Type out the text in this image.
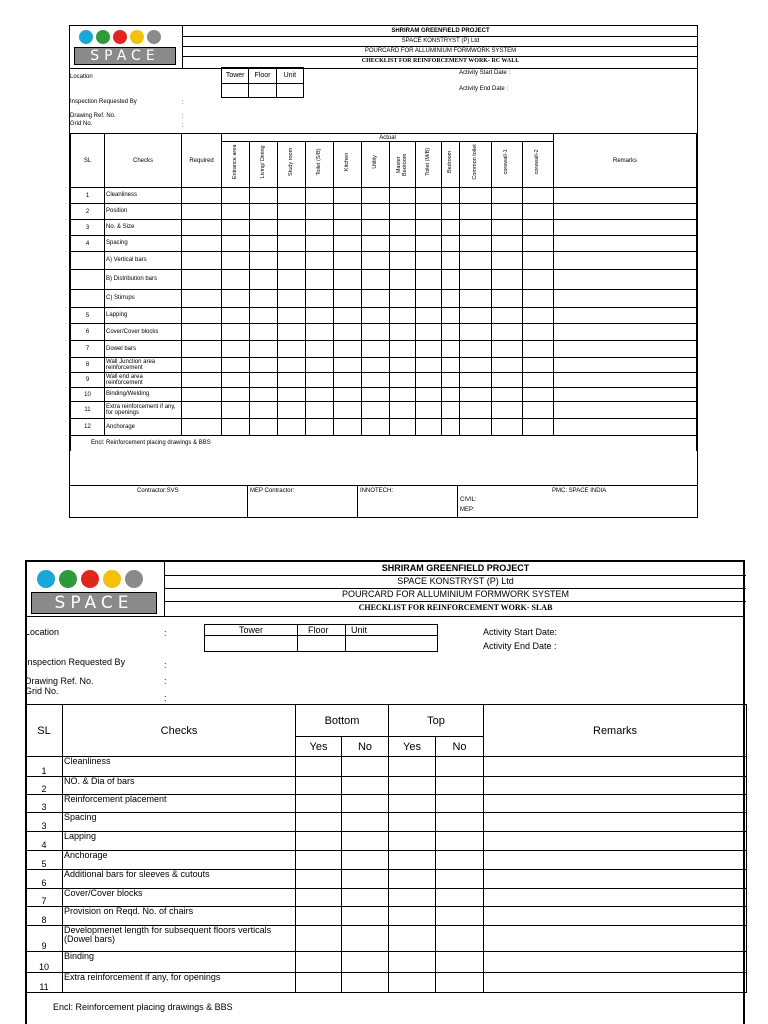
SPACE
SHRIRAM GREENFIELD PROJECT
SPACE KONSTRYST (P) Ltd
POURCARD FOR ALLUMINIUM FORMWORK SYSTEM
CHECKLIST FOR REINFORCEMENT WORK- RC WALL
Location	Tower	Floor	Unit
			Activity Start Date :
Activity End Date :
Inspection Requested By	:
Drawing Ref. No.	:
Grid No.	:
SL	Checks	Required	Actual												Remarks

			Entrance area	Living/ Dining	Study room	Toilet (S/B)	Kitchen	Utility	Master Bedroom	Toilet (M/B)	Bedroom	Common toilet	corewall-1	corewall-2	

1	Cleanliness														
2	Position														
3	No. & Size														
4	Spacing														
	A) Vertical bars														
	B) Distribution bars														
	C) Stirrups														
5	Lapping														
6	Cover/Cover blocks														
7	Dowel bars														
8	Wall Junction area reinforcement														
9	Wall end area reinforcement														
10	Binding/Welding														
11	Extra reinforcement if any, for openings														
12	Anchorage														

Encl: Reinforcement placing drawings & BBS															
Contractor:SVS	MEP Contractor:	INNOTECH:
CIVIL:
MEP:
PMC: SPACE INDIA
SPACE
SHRIRAM GREENFIELD PROJECT
SPACE KONSTRYST (P) Ltd
POURCARD FOR ALLUMINIUM FORMWORK SYSTEM
CHECKLIST FOR REINFORCEMENT WORK- SLAB
Location	:	Tower	Floor	Unit
			Activity Start Date:
Activity End Date :
Inspection Requested By	:
Drawing Ref. No.	:
Grid No.
:
SL	Checks	Bottom		Top		Remarks
		Yes	No	Yes	No	
1	Cleanliness					
2	NO. & Dia of bars					
3	Reinforcement placement					
3	Spacing					
4	Lapping					
5	Anchorage					
6	Additional bars for sleeves & cutouts					
7	Cover/Cover blocks					
8	Provision on Reqd. No. of chairs					
9	Developmenet length for subsequent floors verticals (Dowel bars)					
10	Binding					
11	Extra reinforcement if any, for openings					
Encl: Reinforcement placing drawings & BBS
